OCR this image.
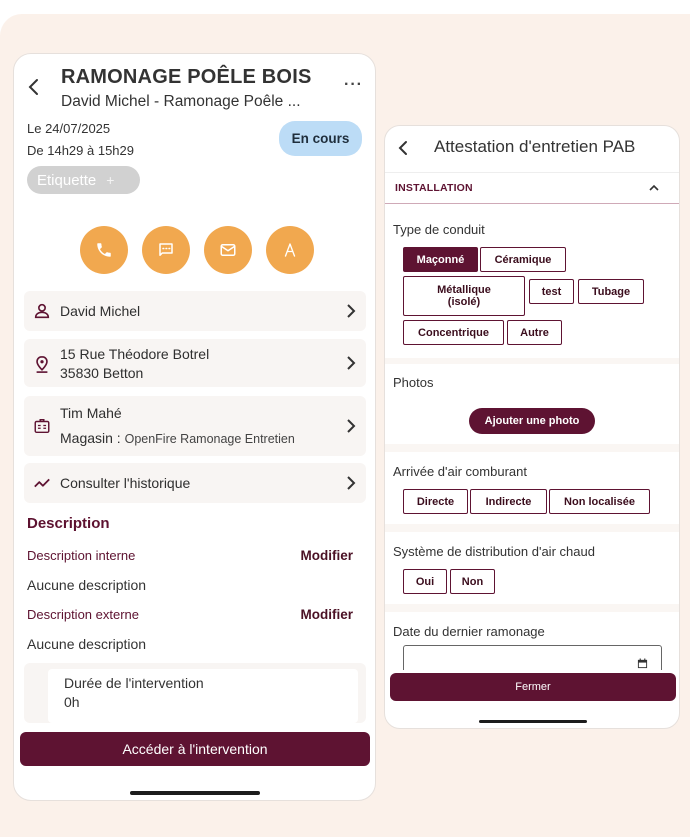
RAMONAGE POÊLE BOIS
David Michel - Ramonage Poêle ...
···
Le 24/07/2025
De 14h29 à 15h29
En cours
Etiquette +
David Michel
15 Rue Théodore Botrel
35830 Betton
Tim Mahé
Magasin : OpenFire Ramonage Entretien
Consulter l'historique
Description
Description interne	Modifier
Aucune description
Description externe	Modifier
Aucune description
Durée de l'intervention
0h
Accéder à l'intervention
Attestation d'entretien PAB
INSTALLATION
Type de conduit
Maçonné	Céramique
Métallique (isolé)
test	Tubage
Concentrique	Autre
Photos
Ajouter une photo
Arrivée d'air comburant
Directe	Indirecte	Non localisée
Système de distribution d'air chaud
Oui	Non
Date du dernier ramonage
Fermer
